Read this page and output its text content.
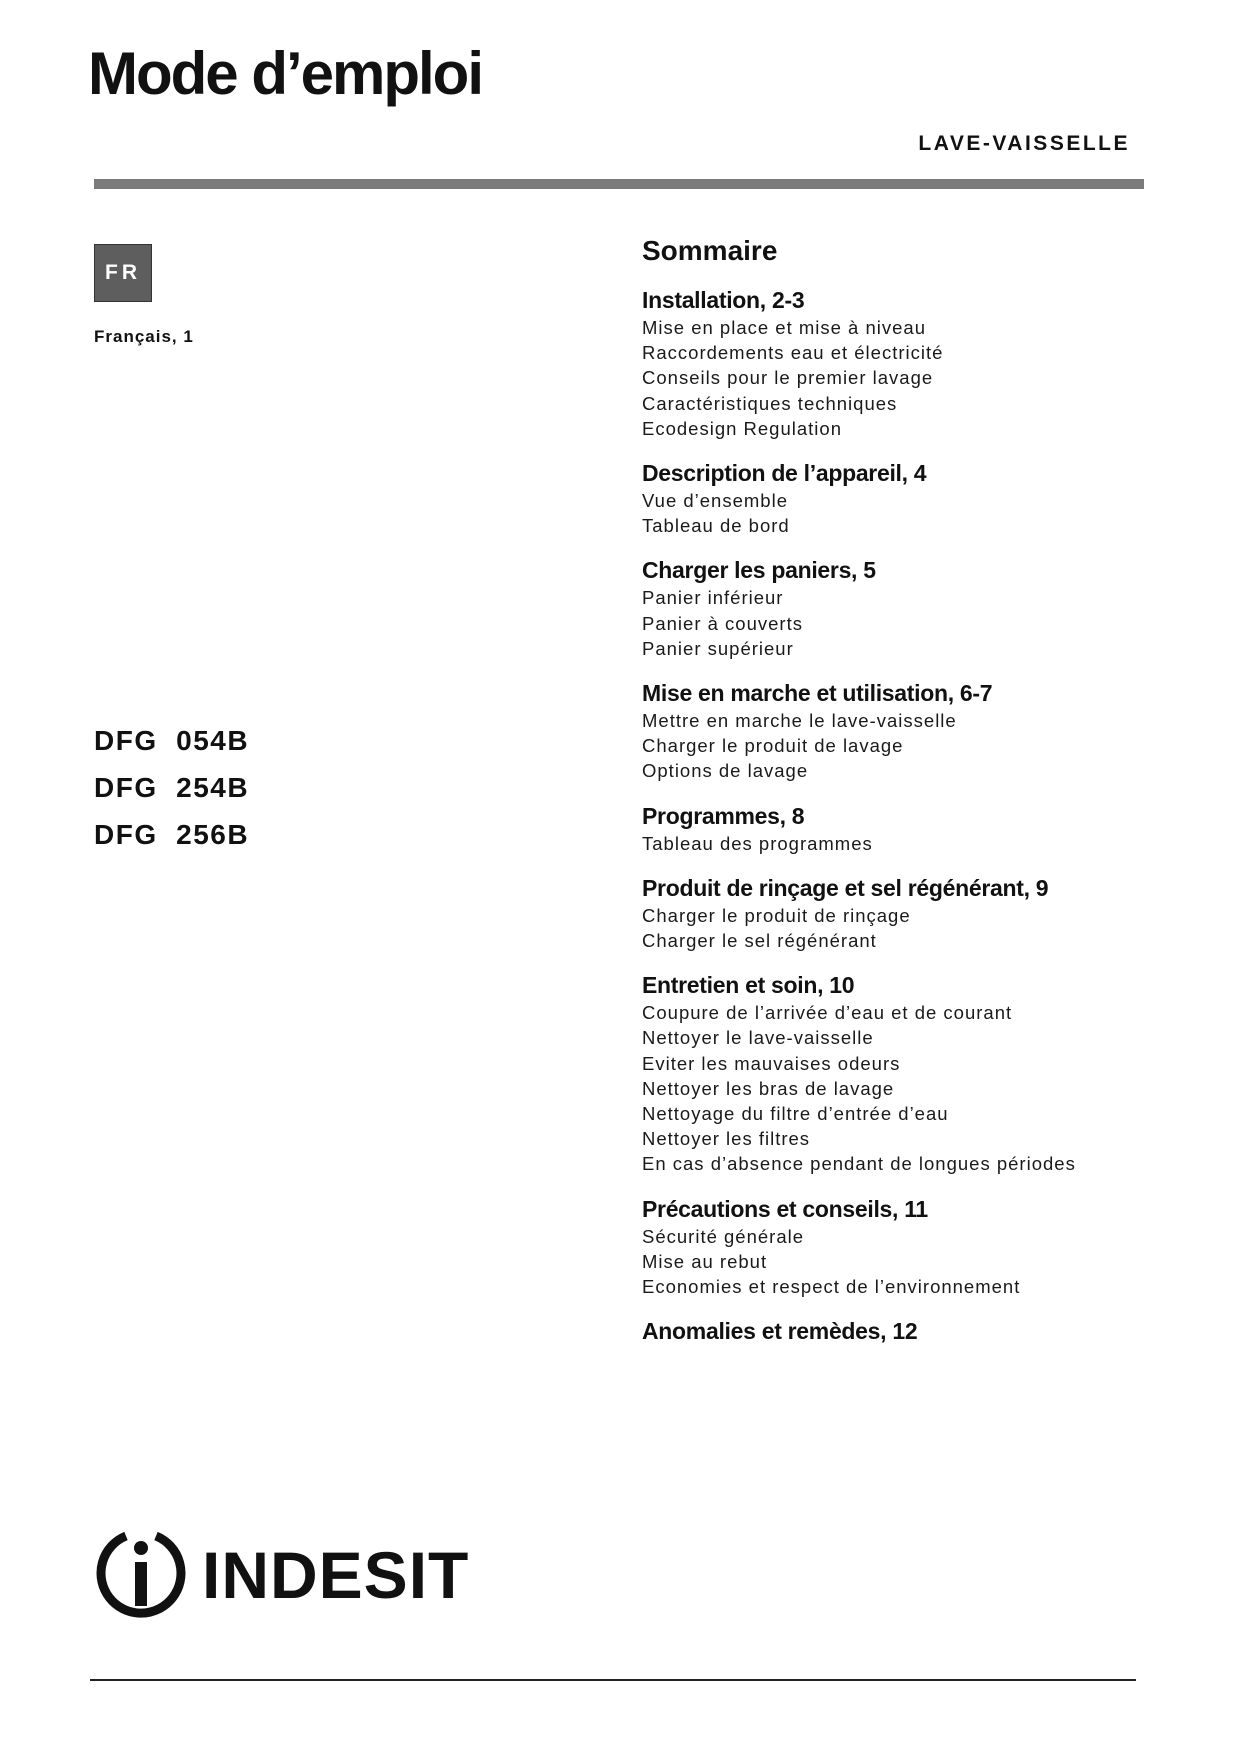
Mode d’emploi
LAVE-VAISSELLE
FR
Français, 1
DFG  054B
DFG  254B
DFG  256B
Sommaire
Installation, 2-3
Mise en place et mise à niveau
Raccordements eau et électricité
Conseils pour le premier lavage
Caractéristiques techniques
Ecodesign Regulation
Description de l’appareil, 4
Vue d’ensemble
Tableau de bord
Charger les paniers, 5
Panier inférieur
Panier à couverts
Panier supérieur
Mise en marche et utilisation, 6-7
Mettre en marche le lave-vaisselle
Charger le produit de lavage
Options de lavage
Programmes, 8
Tableau des programmes
Produit de rinçage et sel régénérant, 9
Charger le produit de rinçage
Charger le sel régénérant
Entretien et soin, 10
Coupure de l’arrivée d’eau et de courant
Nettoyer le lave-vaisselle
Eviter les mauvaises odeurs
Nettoyer les bras de lavage
Nettoyage du filtre d’entrée d’eau
Nettoyer les filtres
En cas d’absence pendant de longues périodes
Précautions et conseils, 11
Sécurité générale
Mise au rebut
Economies et respect de l’environnement
Anomalies et remèdes, 12
INDESIT
